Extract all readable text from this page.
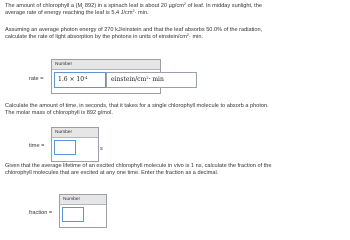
The amount of chlorophyll a ($M_r$ 892) in a spinach leaf is about 20 $\mu g/cm^2$ of leaf. In midday sunlight, the
average rate of energy reaching the leaf is 5.4 $J/cm^2\cdot \min$.
Assuming an average photon energy of 270 kJ/einstein and that the leaf absorbs 50.0% of the radiation,
calculate the rate of light absorption by the photons in units of einstein/$cm^2\cdot \min$.
rate =
Number
$1.6 \times 10^{-4}$	einstein/$cm^2\cdot \min$
Calculate the amount of time, in seconds, that it takes for a single chlorophyll molecule to absorb a photon.
The molar mass of chlorophyll is 892 g/mol.
time =
Number
s
Given that the average lifetime of an excited chlorophyll molecule in vivo is 1 ns, calculate the fraction of the
chlorophyll molecules that are excited at any one time. Enter the fraction as a decimal.
fraction =
Number
